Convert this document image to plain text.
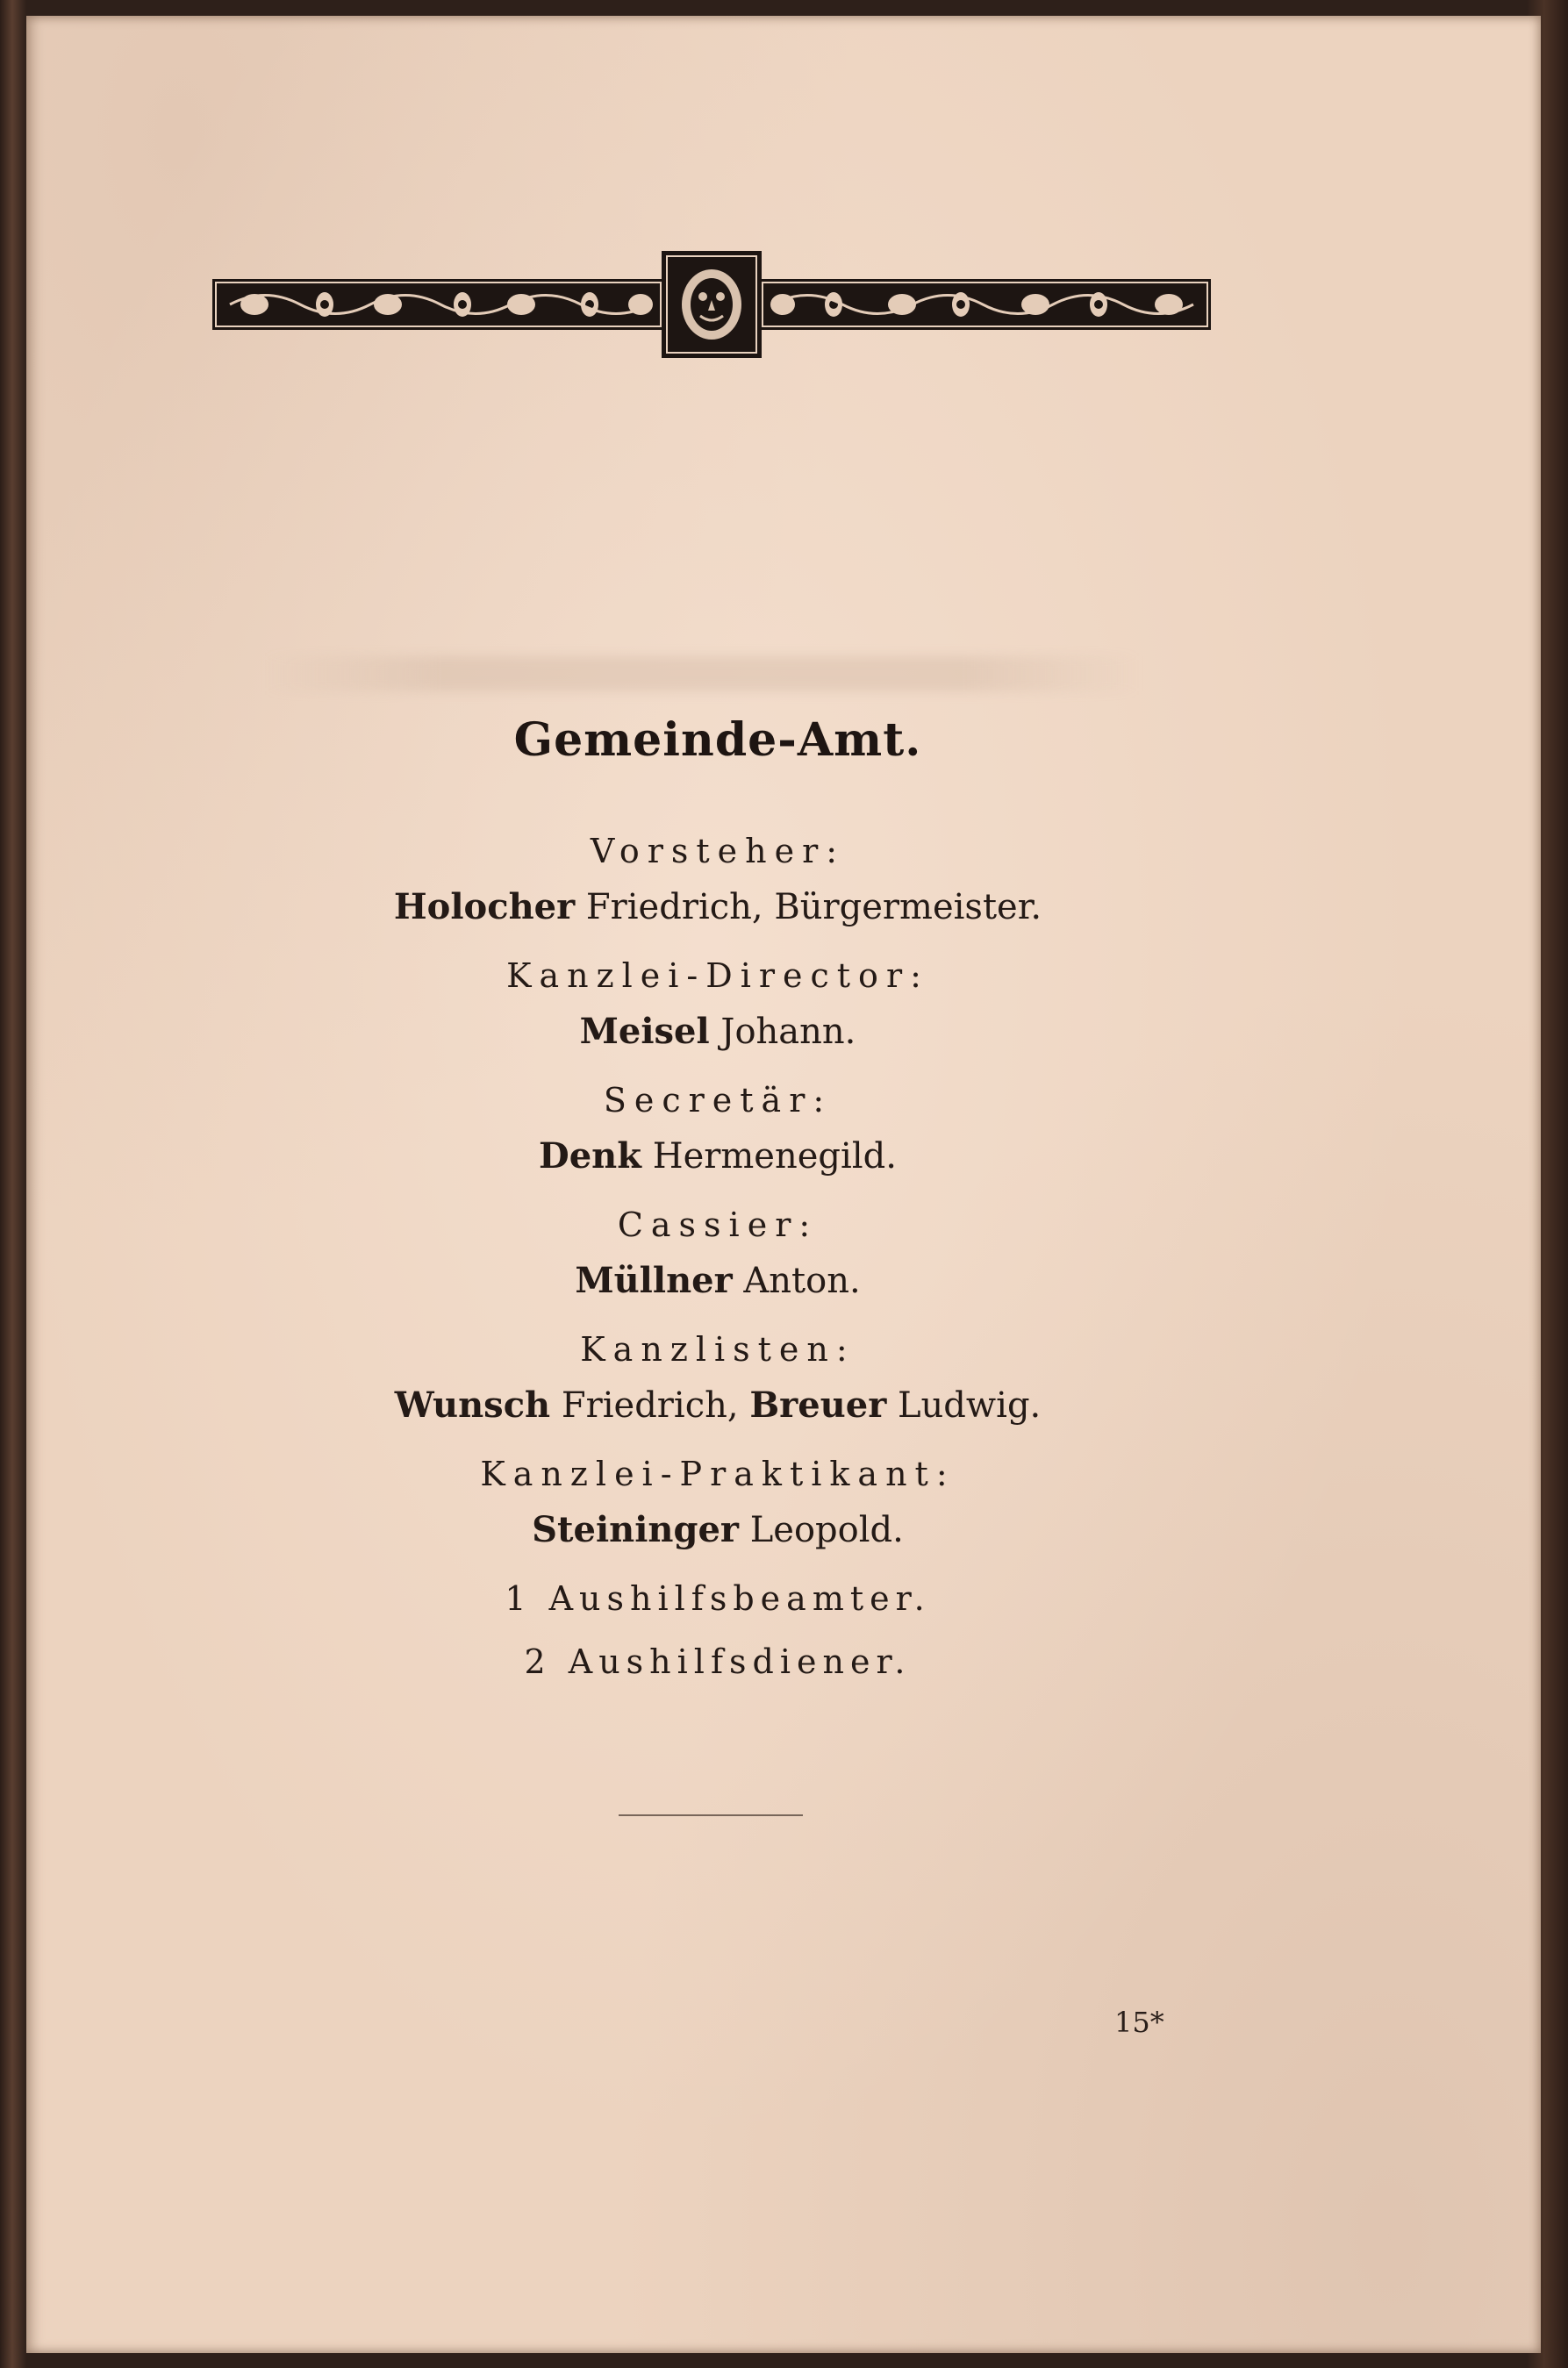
Gemeinde-Amt.
Vorsteher:
Holocher Friedrich, Bürgermeister.
Kanzlei-Director:
Meisel Johann.
Secretär:
Denk Hermenegild.
Cassier:
Müllner Anton.
Kanzlisten:
Wunsch Friedrich, Breuer Ludwig.
Kanzlei-Praktikant:
Steininger Leopold.
1 Aushilfsbeamter.
2 Aushilfsdiener.
15*
